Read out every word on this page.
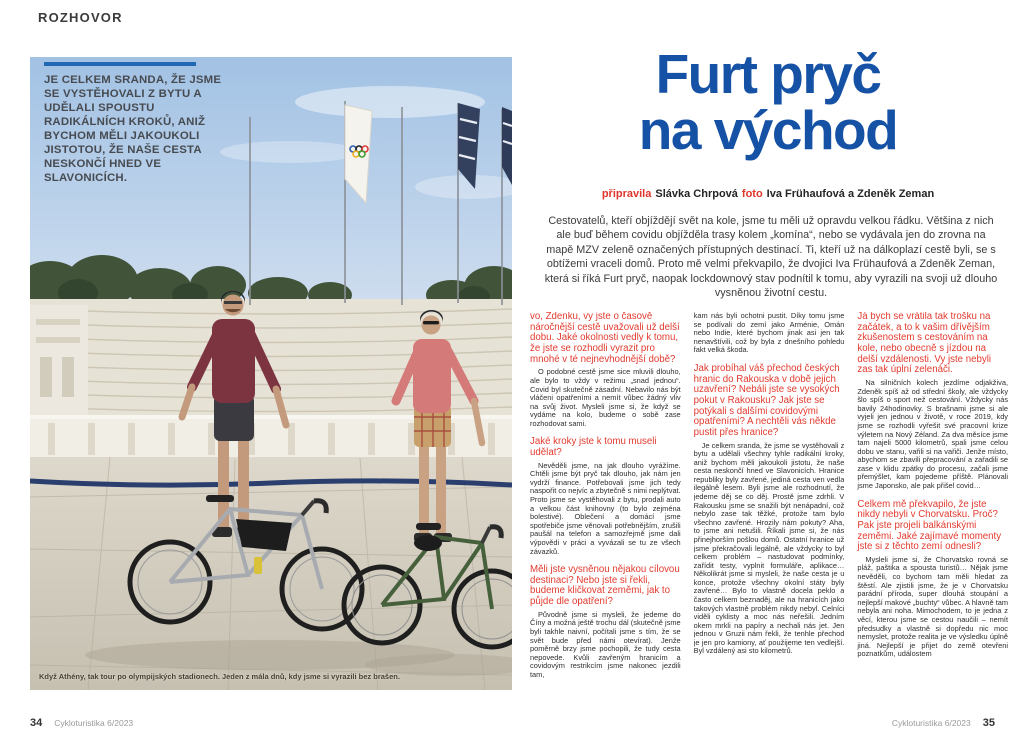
ROZHOVOR
JE CELKEM SRANDA, ŽE JSME SE VYSTĚHOVALI Z BYTU A UDĚLALI SPOUSTU RADIKÁLNÍCH KROKŮ, ANIŽ BYCHOM MĚLI JAKOUKOLI JISTOTOU, ŽE NAŠE CESTA NESKONČÍ HNED VE SLAVONICÍCH.
Když Athény, tak tour po olympijských stadionech. Jeden z mála dnů, kdy jsme si vyrazili bez brašen.
Furt pryč
na východ
připravila Slávka Chrpová foto Iva Frühaufová a Zdeněk Zeman
Cestovatelů, kteří objíždějí svět na kole, jsme tu měli už opravdu velkou řádku. Většina z nich ale buď během covidu objížděla trasy kolem „komína“, nebo se vydávala jen do zrovna na mapě MZV zeleně označených přístupných destinací. Ti, kteří už na dálkoplazí cestě byli, se s obtížemi vraceli domů. Proto mě velmi překvapilo, že dvojici Iva Frühaufová a Zdeněk Zeman, která si říká Furt pryč, naopak lockdownový stav podnítil k tomu, aby vyrazili na svoji už dlouho vysněnou životní cestu.

vo, Zdenku, vy jste o časově náročnější cestě uvažovali už delší dobu. Jaké okolnosti vedly k tomu, že jste se rozhodli vyrazit pro mnohé v té nejnevhodnější době?

O podobné cestě jsme sice mluvili dlouho, ale bylo to vždy v režimu „snad jednou“. Covid byl skutečně zásadní. Nebavilo nás být vláčeni opatřeními a nemít vůbec žádný vliv na svůj život. Mysleli jsme si, že když se vydáme na kolo, budeme o sobě zase rozhodovat sami.

Jaké kroky jste k tomu museli udělat?

Nevěděli jsme, na jak dlouho vyrážíme. Chtěli jsme být pryč tak dlouho, jak nám jen vydrží finance. Potřebovali jsme jich tedy naspořit co nejvíc a zbytečně s nimi neplýtvat. Proto jsme se vystěhovali z bytu, prodali auto a velkou část knihovny (to bylo zejména bolestivé). Oblečení a domácí jsme spotřebiče jsme věnovali potřebnějším, zrušili paušál na telefon a samozřejmě jsme dali výpovědi v práci a vyvázali se tu ze všech závazků.

Měli jste vysněnou nějakou cílovou destinaci? Nebo jste si řekli, budeme kličkovat zeměmi, jak to půjde dle opatření?

Původně jsme si mysleli, že jedeme do Číny a možná ještě trochu dál (skutečně jsme byli takhle naivní, počítali jsme s tím, že se svět bude před námi otevírat). Jenže poměrně brzy jsme pochopili, že tudy cesta nepovede. Kvůli zavřeným hranicím a covidovým restrikcím jsme nakonec jezdili tam,

kam nás byli ochotni pustit. Díky tomu jsme se podívali do zemí jako Arménie, Omán nebo Indie, které bychom jinak asi jen tak nenavštívili, což by byla z dnešního pohledu fakt velká škoda.

Jak probíhal váš přechod českých hranic do Rakouska v době jejich uzavření? Nebáli jste se vysokých pokut v Rakousku? Jak jste se potýkali s dalšími covidovými opatřeními? A nechtěli vás někde pustit přes hranice?

Je celkem sranda, že jsme se vystěhovali z bytu a udělali všechny tyhle radikální kroky, aniž bychom měli jakoukoli jistotu, že naše cesta neskončí hned ve Slavonicích. Hranice republiky byly zavřené, jediná cesta ven vedla ilegálně lesem. Byli jsme ale rozhodnutí, že jedeme děj se co děj. Prostě jsme zdrhli. V Rakousku jsme se snažili být nenápadní, což nebylo zase tak těžké, protože tam bylo všechno zavřené. Hrozily nám pokuty? Aha, to jsme ani netušili. Říkali jsme si, že nás přinejhorším pošlou domů. Ostatní hranice už jsme překračovali legálně, ale vždycky to byl celkem problém – nastudovat podmínky, zařídit testy, vyplnit formuláře, aplikace… Několikrát jsme si mysleli, že naše cesta je u konce, protože všechny okolní státy byly zavřené… Bylo to vlastně docela peklo a často celkem beznaděj, ale na hranicích jako takových vlastně problém nikdy nebyl. Celníci viděli cyklisty a moc nás neřešili. Jedním okem mrkli na papíry a nechali nás jet. Jen jednou v Gruzii nám řekli, že tenhle přechod je jen pro kamiony, ať použijeme ten vedlejší. Byl vzdálený asi sto kilometrů.

Já bych se vrátila tak trošku na začátek, a to k vašim dřívějším zkušenostem s cestováním na kole, nebo obecně s jízdou na delší vzdálenosti. Vy jste nebyli zas tak úplní zelenáči.

Na silničních kolech jezdíme odjakživa, Zdeněk spíš až od střední školy, ale vždycky šlo spíš o sport než cestování. Vždycky nás bavily 24hodinovky. S brašnami jsme si ale vyjeli jen jednou v životě, v roce 2019, kdy jsme se rozhodli vyřešit své pracovní krize výletem na Nový Zéland. Za dva měsíce jsme tam najeli 5000 kilometrů, spali jsme celou dobu ve stanu, vařili si na vařiči. Jenže místo, abychom se zbavili přepracování a zařadili se zase v klidu zpátky do procesu, začali jsme přemýšlet, kam pojedeme příště. Plánovali jsme Japonsko, ale pak přišel covid…

Celkem mě překvapilo, že jste nikdy nebyli v Chorvatsku. Proč? Pak jste projeli balkánskými zeměmi. Jaké zajímavé momenty jste si z těchto zemí odnesli?

Mysleli jsme si, že Chorvatsko rovná se pláž, paštika a spousta turistů… Nějak jsme nevěděli, co bychom tam měli hledat za štěstí. Ale zjistili jsme, že je v Chorvatsku parádní příroda, super dlouhá stoupání a nejlepší makové „buchty“ vůbec. A hlavně tam nebyla ani noha. Mimochodem, to je jedna z věcí, kterou jsme se cestou naučili – nemít předsudky a vlastně si dopředu nic moc nemyslet, protože realita je ve výsledku úplně jiná. Nejlepší je přijet do země otevřeni poznatkům, událostem

34 Cykloturistika 6/2023	Cykloturistika 6/2023 35
